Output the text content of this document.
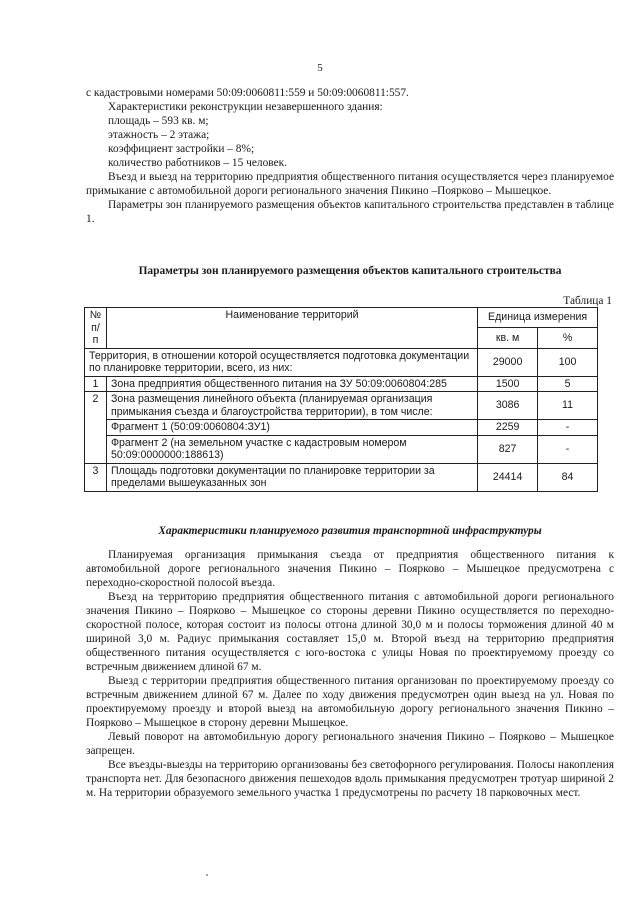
5

с кадастровыми номерами 50:09:0060811:559 и 50:09:0060811:557.

Характеристики реконструкции незавершенного здания:

площадь – 593 кв. м;

этажность – 2 этажа;

коэффициент застройки – 8%;

количество работников – 15 человек.

Въезд и выезд на территорию предприятия общественного питания осуществляется через планируемое примыкание с автомобильной дороги регионального значения Пикино –Поярково – Мышецкое.

Параметры зон планируемого размещения объектов капитального строительства представлен в таблице 1.

Параметры зон планируемого размещения объектов капитального строительства
Таблица 1
№ п/п	Наименование территорий	Единица измерения	
		кв. м	%
Территория, в отношении которой осуществляется подготовка документации по планировке территории, всего, из них:		29000	100
1	Зона предприятия общественного питания на ЗУ 50:09:0060804:285	1500	5
2	Зона размещения линейного объекта (планируемая организация примыкания съезда и благоустройства территории), в том числе:	3086	11
	Фрагмент 1 (50:09:0060804:ЗУ1)	2259	-
	Фрагмент 2 (на земельном участке с кадастровым номером 50:09:0000000:188613)	827	-
3	Площадь подготовки документации по планировке территории за пределами вышеуказанных зон	24414	84
Характеристики планируемого развития транспортной инфраструктуры

Планируемая организация примыкания съезда от предприятия общественного питания к автомобильной дороге регионального значения Пикино – Поярково – Мышецкое предусмотрена с переходно-скоростной полосой въезда.

Въезд на территорию предприятия общественного питания с автомобильной дороги регионального значения Пикино – Поярково – Мышецкое со стороны деревни Пикино осуществляется по переходно-скоростной полосе, которая состоит из полосы отгона длиной 30,0 м и полосы торможения длиной 40 м шириной 3,0 м. Радиус примыкания составляет 15,0 м. Второй въезд на территорию предприятия общественного питания осуществляется с юго-востока с улицы Новая по проектируемому проезду со встречным движением длиной 67 м.

Выезд с территории предприятия общественного питания организован по проектируемому проезду со встречным движением длиной 67 м. Далее по ходу движения предусмотрен один выезд на ул. Новая по проектируемому проезду и второй выезд на автомобильную дорогу регионального значения Пикино – Поярково – Мышецкое в сторону деревни Мышецкое.

Левый поворот на автомобильную дорогу регионального значения Пикино – Поярково – Мышецкое запрещен.

Все въезды-выезды на территорию организованы без светофорного регулирования. Полосы накопления транспорта нет. Для безопасного движения пешеходов вдоль примыкания предусмотрен тротуар шириной 2 м. На территории образуемого земельного участка 1 предусмотрены по расчету 18 парковочных мест.
